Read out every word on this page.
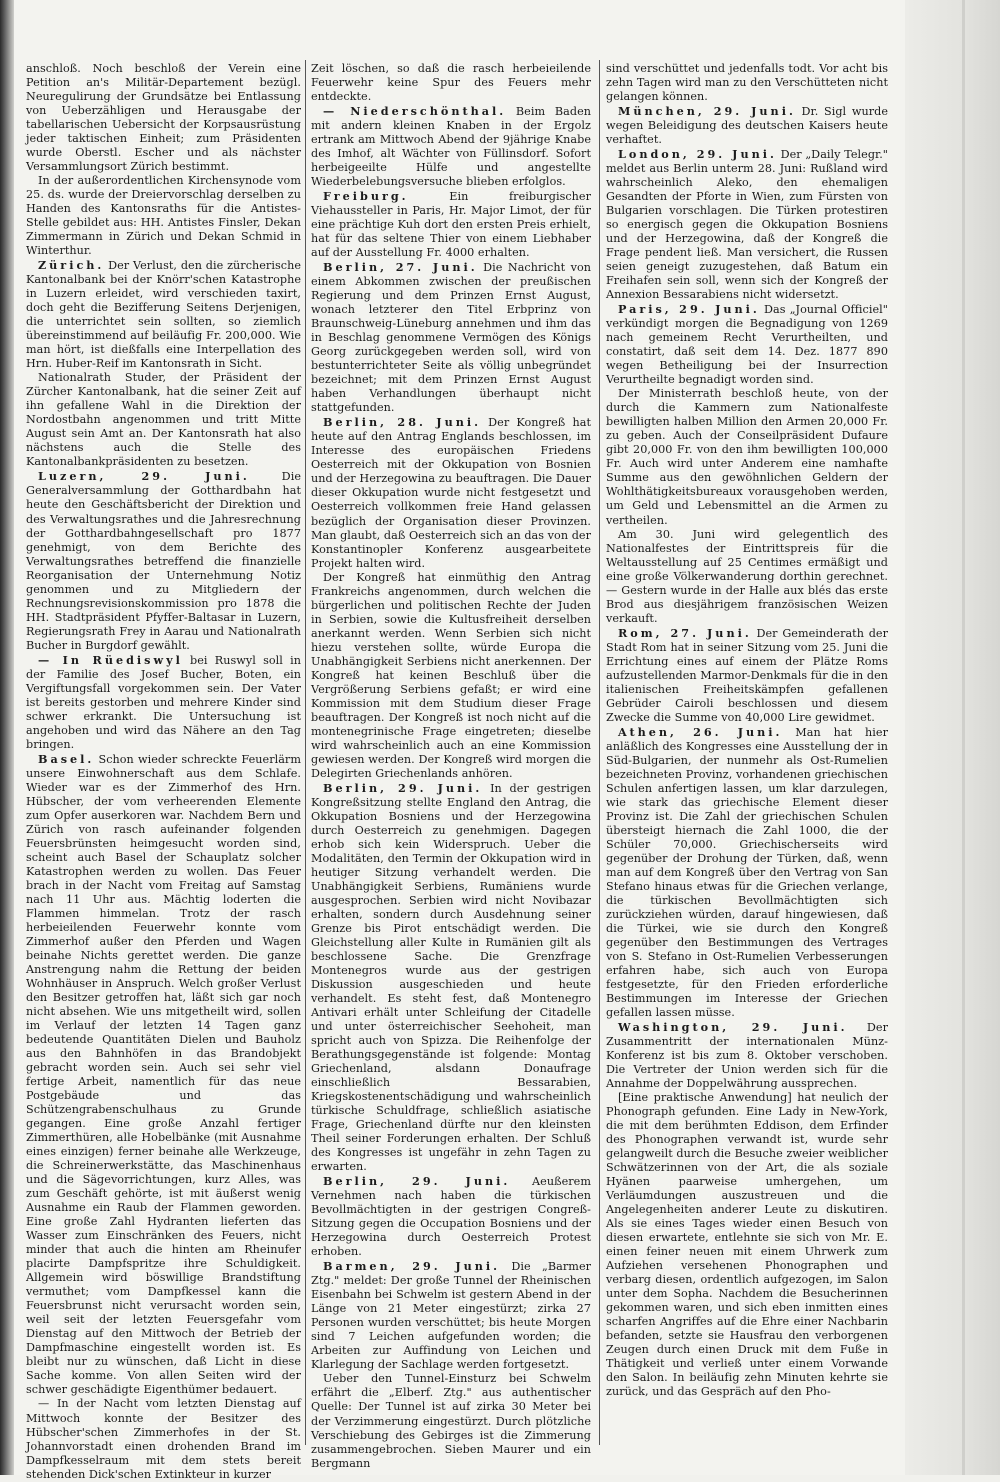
anschloß. Noch beschloß der Verein eine Petition an's Militär-Departement bezügl. Neuregulirung der Grundsätze bei Entlassung von Ueberzähligen und Herausgabe der tabellarischen Uebersicht der Korpsausrüstung jeder taktischen Einheit; zum Präsidenten wurde Oberstl. Escher und als nächster Versammlungsort Zürich bestimmt.

In der außerordentlichen Kirchensynode vom 25. ds. wurde der Dreiervorschlag derselben zu Handen des Kantonsraths für die Antistes-Stelle gebildet aus: HH. Antistes Finsler, Dekan Zimmermann in Zürich und Dekan Schmid in Winterthur.

Zürich. Der Verlust, den die zürcherische Kantonalbank bei der Knörr'schen Katastrophe in Luzern erleidet, wird verschieden taxirt, doch geht die Bezifferung Seitens Derjenigen, die unterrichtet sein sollten, so ziemlich übereinstimmend auf beiläufig Fr. 200,000. Wie man hört, ist dießfalls eine Interpellation des Hrn. Huber-Reif im Kantonsrath in Sicht.

Nationalrath Studer, der Präsident der Zürcher Kantonalbank, hat die seiner Zeit auf ihn gefallene Wahl in die Direktion der Nordostbahn angenommen und tritt Mitte August sein Amt an. Der Kantonsrath hat also nächstens auch die Stelle des Kantonalbankpräsidenten zu besetzen.

Luzern, 29. Juni.	Die Generalversammlung der Gotthardbahn hat heute den Geschäftsbericht der Direktion und des Verwaltungsrathes und die Jahresrechnung der Gotthardbahngesellschaft pro 1877 genehmigt, von dem Berichte des Verwaltungsrathes betreffend die finanzielle Reorganisation der Unternehmung Notiz genommen und zu Mitgliedern der Rechnungsrevisionskommission pro 1878 die HH. Stadtpräsident Pfyffer-Baltasar in Luzern, Regierungsrath Frey in Aarau und Nationalrath Bucher in Burgdorf gewählt.

— In Rüediswyl bei Ruswyl soll in der Familie des Josef Bucher, Boten, ein Vergiftungsfall vorgekommen sein. Der Vater ist bereits gestorben und mehrere Kinder sind schwer erkrankt. Die Untersuchung ist angehoben und wird das Nähere an den Tag bringen.

Basel. Schon wieder schreckte Feuerlärm unsere Einwohnerschaft aus dem Schlafe. Wieder war es der Zimmerhof des Hrn. Hübscher, der vom verheerenden Elemente zum Opfer auserkoren war. Nachdem Bern und Zürich von rasch aufeinander folgenden Feuersbrünsten heimgesucht worden sind, scheint auch Basel der Schauplatz solcher Katastrophen werden zu wollen. Das Feuer brach in der Nacht vom Freitag auf Samstag nach 11 Uhr aus. Mächtig loderten die Flammen himmelan. Trotz der rasch herbeieilenden Feuerwehr konnte vom Zimmerhof außer den Pferden und Wagen beinahe Nichts gerettet werden. Die ganze Anstrengung nahm die Rettung der beiden Wohnhäuser in Anspruch. Welch großer Verlust den Besitzer getroffen hat, läßt sich gar noch nicht absehen. Wie uns mitgetheilt wird, sollen im Verlauf der letzten 14 Tagen ganz bedeutende Quantitäten Dielen und Bauholz aus den Bahnhöfen in das Brandobjekt gebracht worden sein. Auch sei sehr viel fertige Arbeit, namentlich für das neue Postgebäude und das Schützengrabenschulhaus zu Grunde gegangen. Eine große Anzahl fertiger Zimmerthüren, alle Hobelbänke (mit Ausnahme eines einzigen) ferner beinahe alle Werkzeuge, die Schreinerwerkstätte, das Maschinenhaus und die Sägevorrichtungen, kurz Alles, was zum Geschäft gehörte, ist mit äußerst wenig Ausnahme ein Raub der Flammen geworden. Eine große Zahl Hydranten lieferten das Wasser zum Einschränken des Feuers, nicht minder that auch die hinten am Rheinufer placirte Dampfspritze ihre Schuldigkeit. Allgemein wird böswillige Brandstiftung vermuthet; vom Dampfkessel kann die Feuersbrunst nicht verursacht worden sein, weil seit der letzten Feuersgefahr vom Dienstag auf den Mittwoch der Betrieb der Dampfmaschine eingestellt worden ist. Es bleibt nur zu wünschen, daß Licht in diese Sache komme. Von allen Seiten wird der schwer geschädigte Eigenthümer bedauert.

— In der Nacht vom letzten Dienstag auf Mittwoch konnte der Besitzer des Hübscher'schen Zimmerhofes in der St. Johannvorstadt einen drohenden Brand im Dampfkesselraum mit dem stets bereit stehenden Dick'schen Extinkteur in kurzer

Zeit löschen, so daß die rasch herbeieilende Feuerwehr keine Spur des Feuers mehr entdeckte.

— Niederschönthal. Beim Baden mit andern kleinen Knaben in der Ergolz ertrank am Mittwoch Abend der 9jährige Knabe des Imhof, alt Wächter von Füllinsdorf. Sofort herbeigeeilte Hülfe und angestellte Wiederbelebungsversuche blieben erfolglos.

Freiburg.	Ein freiburgischer Viehaussteller in Paris, Hr. Major Limot, der für eine prächtige Kuh dort den ersten Preis erhielt, hat für das seltene Thier von einem Liebhaber auf der Ausstellung Fr. 4000 erhalten.

Berlin, 27. Juni. Die Nachricht von einem Abkommen zwischen der preußischen Regierung und dem Prinzen Ernst August, wonach letzterer den Titel Erbprinz von Braunschweig-Lüneburg annehmen und ihm das in Beschlag genommene Vermögen des Königs Georg zurückgegeben werden soll, wird von bestunterrichteter Seite als völlig unbegründet bezeichnet; mit dem Prinzen Ernst August haben Verhandlungen überhaupt nicht stattgefunden.

Berlin, 28. Juni. Der Kongreß hat heute auf den Antrag Englands beschlossen, im Interesse des europäischen Friedens Oesterreich mit der Okkupation von Bosnien und der Herzegowina zu beauftragen. Die Dauer dieser Okkupation wurde nicht festgesetzt und Oesterreich vollkommen freie Hand gelassen bezüglich der Organisation dieser Provinzen. Man glaubt, daß Oesterreich sich an das von der Konstantinopler Konferenz ausgearbeitete Projekt halten wird.

Der Kongreß hat einmüthig den Antrag Frankreichs angenommen, durch welchen die bürgerlichen und politischen Rechte der Juden in Serbien, sowie die Kultusfreiheit derselben anerkannt werden. Wenn Serbien sich nicht hiezu verstehen sollte, würde Europa die Unabhängigkeit Serbiens nicht anerkennen. Der Kongreß hat keinen Beschluß über die Vergrößerung Serbiens gefaßt; er wird eine Kommission mit dem Studium dieser Frage beauftragen. Der Kongreß ist noch nicht auf die montenegrinische Frage eingetreten; dieselbe wird wahrscheinlich auch an eine Kommission gewiesen werden. Der Kongreß wird morgen die Delegirten Griechenlands anhören.

Berlin, 29. Juni. In der gestrigen Kongreßsitzung stellte England den Antrag, die Okkupation Bosniens und der Herzegowina durch Oesterreich zu genehmigen. Dagegen erhob sich kein Widerspruch. Ueber die Modalitäten, den Termin der Okkupation wird in heutiger Sitzung verhandelt werden. Die Unabhängigkeit Serbiens, Rumäniens wurde ausgesprochen. Serbien wird nicht Novibazar erhalten, sondern durch Ausdehnung seiner Grenze bis Pirot entschädigt werden. Die Gleichstellung aller Kulte in Rumänien gilt als beschlossene Sache. Die Grenzfrage Montenegros wurde aus der gestrigen Diskussion ausgeschieden und heute verhandelt. Es steht fest, daß Montenegro Antivari erhält unter Schleifung der Citadelle und unter österreichischer Seehoheit, man spricht auch von Spizza. Die Reihenfolge der Berathungsgegenstände ist folgende: Montag Griechenland, alsdann Donaufrage einschließlich Bessarabien, Kriegskostenentschädigung und wahrscheinlich türkische Schuldfrage, schließlich asiatische Frage, Griechenland dürfte nur den kleinsten Theil seiner Forderungen erhalten. Der Schluß des Kongresses ist ungefähr in zehn Tagen zu erwarten.

Berlin, 29. Juni. Aeußerem Vernehmen nach haben die türkischen Bevollmächtigten in der gestrigen Congreß-Sitzung gegen die Occupation Bosniens und der Herzegowina durch Oesterreich Protest erhoben.

Barmen, 29. Juni. Die „Barmer Ztg." meldet: Der große Tunnel der Rheinischen Eisenbahn bei Schwelm ist gestern Abend in der Länge von 21 Meter eingestürzt; zirka 27 Personen wurden verschüttet; bis heute Morgen sind 7 Leichen aufgefunden worden; die Arbeiten zur Auffindung von Leichen und Klarlegung der Sachlage werden fortgesetzt.

Ueber den Tunnel-Einsturz bei Schwelm erfährt die „Elberf. Ztg." aus authentischer Quelle: Der Tunnel ist auf zirka 30 Meter bei der Verzimmerung eingestürzt. Durch plötzliche Verschiebung des Gebirges ist die Zimmerung zusammengebrochen. Sieben Maurer und ein Bergmann

sind verschüttet und jedenfalls todt. Vor acht bis zehn Tagen wird man zu den Verschütteten nicht gelangen können.

München, 29. Juni. Dr. Sigl wurde wegen Beleidigung des deutschen Kaisers heute verhaftet.

London, 29. Juni. Der „Daily Telegr." meldet aus Berlin unterm 28. Juni: Rußland wird wahrscheinlich Aleko, den ehemaligen Gesandten der Pforte in Wien, zum Fürsten von Bulgarien vorschlagen. Die Türken protestiren so energisch gegen die Okkupation Bosniens und der Herzegowina, daß der Kongreß die Frage pendent ließ. Man versichert, die Russen seien geneigt zuzugestehen, daß Batum ein Freihafen sein soll, wenn sich der Kongreß der Annexion Bessarabiens nicht widersetzt.

Paris, 29. Juni. Das „Journal Officiel" verkündigt morgen die Begnadigung von 1269 nach gemeinem Recht Verurtheilten, und constatirt, daß seit dem 14. Dez. 1877 890 wegen Betheiligung bei der Insurrection Verurtheilte begnadigt worden sind.

Der Ministerrath beschloß heute, von der durch die Kammern zum Nationalfeste bewilligten halben Million den Armen 20,000 Fr. zu geben. Auch der Conseilpräsident Dufaure gibt 20,000 Fr. von den ihm bewilligten 100,000 Fr. Auch wird unter Anderem eine namhafte Summe aus den gewöhnlichen Geldern der Wohlthätigkeitsbureaux vorausgehoben werden, um Geld und Lebensmittel an die Armen zu vertheilen.

Am 30. Juni wird gelegentlich des Nationalfestes der Eintrittspreis für die Weltausstellung auf 25 Centimes ermäßigt und eine große Völkerwanderung dorthin gerechnet. — Gestern wurde in der Halle aux blés das erste Brod aus diesjährigem französischen Weizen verkauft.

Rom, 27. Juni. Der Gemeinderath der Stadt Rom hat in seiner Sitzung vom 25. Juni die Errichtung eines auf einem der Plätze Roms aufzustellenden Marmor-Denkmals für die in den italienischen Freiheitskämpfen gefallenen Gebrüder Cairoli beschlossen und diesem Zwecke die Summe von 40,000 Lire gewidmet.

Athen, 26. Juni. Man hat hier anläßlich des Kongresses eine Ausstellung der in Süd-Bulgarien, der nunmehr als Ost-Rumelien bezeichneten Provinz, vorhandenen griechischen Schulen anfertigen lassen, um klar darzulegen, wie stark das griechische Element dieser Provinz ist. Die Zahl der griechischen Schulen übersteigt hiernach die Zahl 1000, die der Schüler 70,000. Griechischerseits wird gegenüber der Drohung der Türken, daß, wenn man auf dem Kongreß über den Vertrag von San Stefano hinaus etwas für die Griechen verlange, die türkischen Bevollmächtigten sich zurückziehen würden, darauf hingewiesen, daß die Türkei, wie sie durch den Kongreß gegenüber den Bestimmungen des Vertrages von S. Stefano in Ost-Rumelien Verbesserungen erfahren habe, sich auch von Europa festgesetzte, für den Frieden erforderliche Bestimmungen im Interesse der Griechen gefallen lassen müsse.

Washington, 29. Juni. Der Zusammentritt der internationalen Münz-Konferenz ist bis zum 8. Oktober verschoben. Die Vertreter der Union werden sich für die Annahme der Doppelwährung aussprechen.

[Eine praktische Anwendung] hat neulich der Phonograph gefunden. Eine Lady in New-York, die mit dem berühmten Eddison, dem Erfinder des Phonographen verwandt ist, wurde sehr gelangweilt durch die Besuche zweier weiblicher Schwätzerinnen von der Art, die als soziale Hyänen paarweise umhergehen, um Verläumdungen auszustreuen und die Angelegenheiten anderer Leute zu diskutiren. Als sie eines Tages wieder einen Besuch von diesen erwartete, entlehnte sie sich von Mr. E. einen feiner neuen mit einem Uhrwerk zum Aufziehen versehenen Phonographen und verbarg diesen, ordentlich aufgezogen, im Salon unter dem Sopha. Nachdem die Besucherinnen gekommen waren, und sich eben inmitten eines scharfen Angriffes auf die Ehre einer Nachbarin befanden, setzte sie Hausfrau den verborgenen Zeugen durch einen Druck mit dem Fuße in Thätigkeit und verließ unter einem Vorwande den Salon. In beiläufig zehn Minuten kehrte sie zurück, und das Gespräch auf den Pho-
